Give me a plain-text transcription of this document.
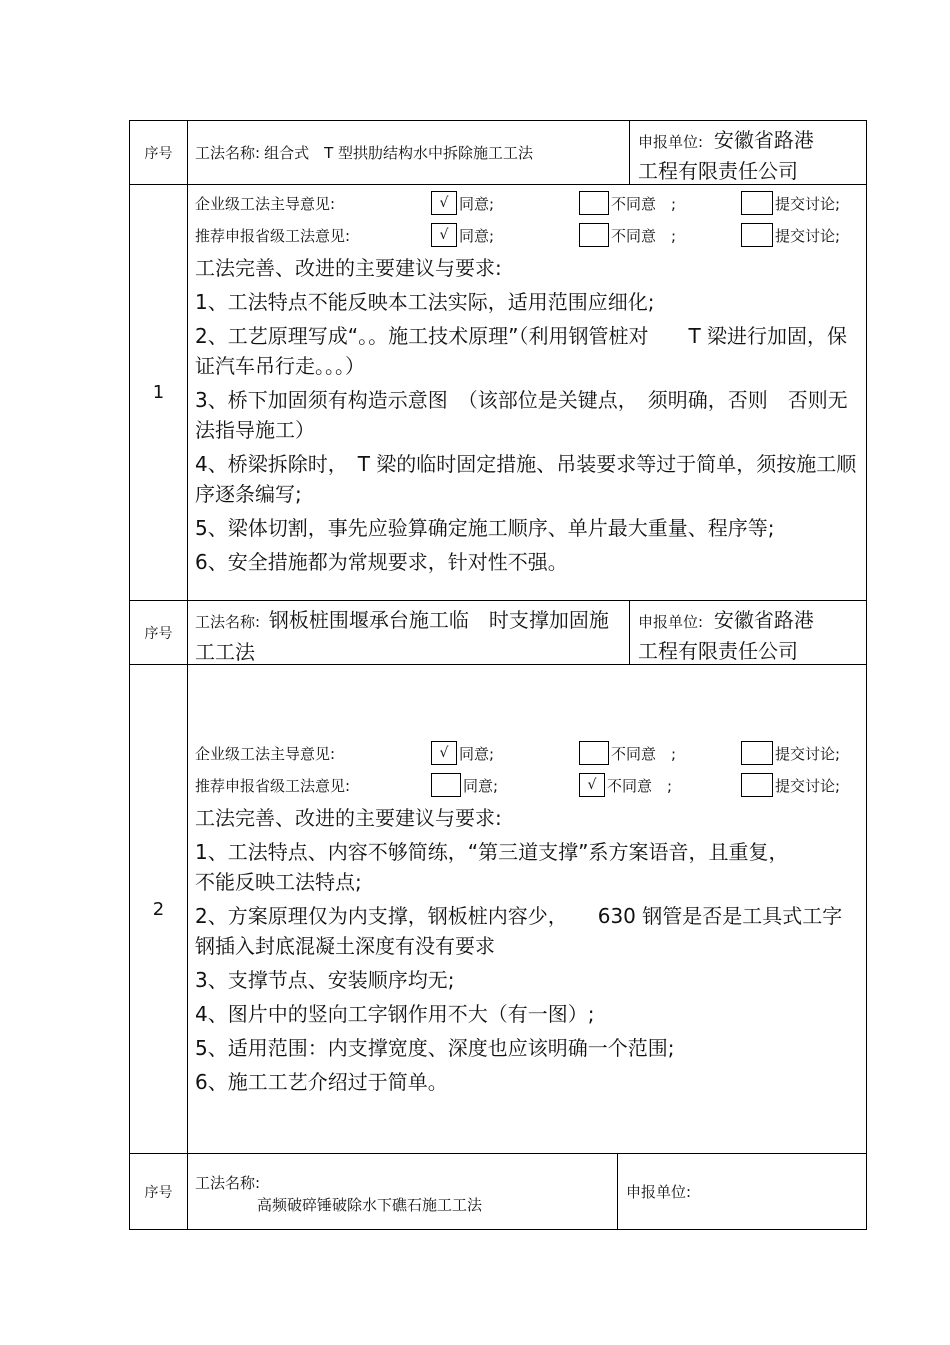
序号	工法名称: 组合式　T 型拱肋结构水中拆除施工工法
申报单位: 安徽省路港
工程有限责任公司
1
企业级工法主导意见:	√ 同意;	不同意　;	提交讨论;
推荐申报省级工法意见:	√ 同意;	不同意　;	提交讨论;

工法完善、改进的主要建议与要求:

1、工法特点不能反映本工法实际，适用范围应细化;

2、工艺原理写成“。。施工技术原理”（利用钢管桩对　　T 梁进行加固，保证汽车吊行走。。。）

3、桥下加固须有构造示意图　（该部位是关键点，　须明确，否则　否则无法指导施工）

4、桥梁拆除时，　T 梁的临时固定措施、吊装要求等过于简单，须按施工顺序逐条编写;

5、梁体切割，事先应验算确定施工顺序、单片最大重量、程序等;

6、安全措施都为常规要求，针对性不强。

序号
工法名称: 钢板桩围堰承台施工临　时支撑加固施工工法
申报单位: 安徽省路港
工程有限责任公司
2
企业级工法主导意见:	√ 同意;	不同意　;	提交讨论;
推荐申报省级工法意见:	同意;	√ 不同意　;	提交讨论;

工法完善、改进的主要建议与要求:

1、工法特点、内容不够简练，“第三道支撑”系方案语音，且重复，不能反映工法特点;

2、方案原理仅为内支撑，钢板桩内容少，　　630 钢管是否是工具式工字钢插入封底混凝土深度有没有要求

3、支撑节点、安装顺序均无;

4、图片中的竖向工字钢作用不大（有一图）;

5、适用范围：内支撑宽度、深度也应该明确一个范围;

6、施工工艺介绍过于简单。

序号
工法名称:
高频破碎锤破除水下礁石施工工法
申报单位:
